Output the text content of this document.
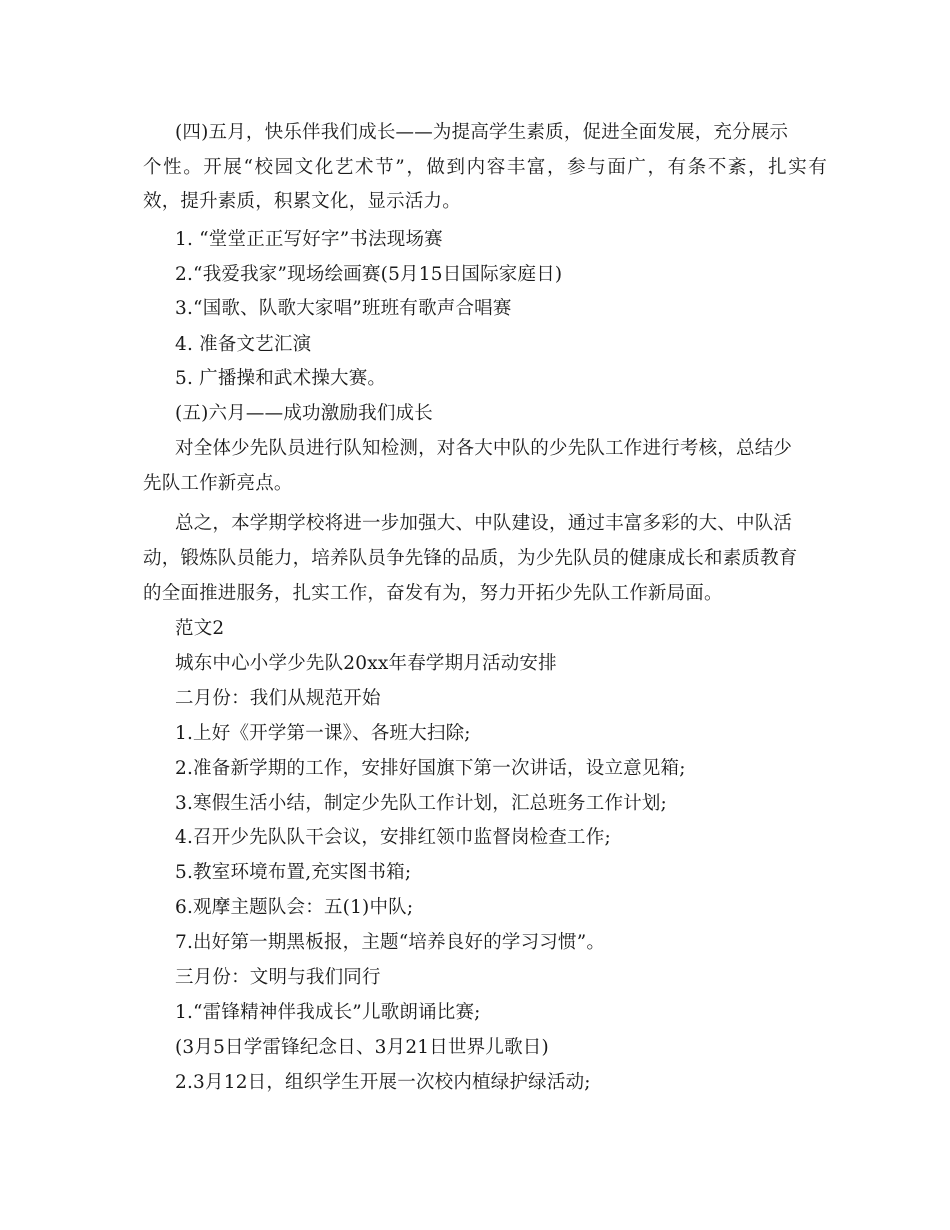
(四)五月，快乐伴我们成长——为提高学生素质，促进全面发展，充分展示
个性。开展“校园文化艺术节”，做到内容丰富，参与面广，有条不紊，扎实有
效，提升素质，积累文化，显示活力。
1. “堂堂正正写好字”书法现场赛
2.“我爱我家”现场绘画赛(5月15日国际家庭日)
3.“国歌、队歌大家唱”班班有歌声合唱赛
4. 准备文艺汇演
5. 广播操和武术操大赛。
(五)六月——成功激励我们成长
对全体少先队员进行队知检测，对各大中队的少先队工作进行考核，总结少
先队工作新亮点。
总之，本学期学校将进一步加强大、中队建设，通过丰富多彩的大、中队活
动，锻炼队员能力，培养队员争先锋的品质，为少先队员的健康成长和素质教育
的全面推进服务，扎实工作，奋发有为，努力开拓少先队工作新局面。
范文2
城东中心小学少先队20xx年春学期月活动安排
二月份：我们从规范开始
1.上好《开学第一课》、各班大扫除;
2.准备新学期的工作，安排好国旗下第一次讲话，设立意见箱;
3.寒假生活小结，制定少先队工作计划，汇总班务工作计划;
4.召开少先队队干会议，安排红领巾监督岗检查工作;
5.教室环境布置,充实图书箱;
6.观摩主题队会：五(1)中队;
7.出好第一期黑板报，主题“培养良好的学习习惯”。
三月份：文明与我们同行
1.“雷锋精神伴我成长”儿歌朗诵比赛;
(3月5日学雷锋纪念日、3月21日世界儿歌日)
2.3月12日，组织学生开展一次校内植绿护绿活动;
